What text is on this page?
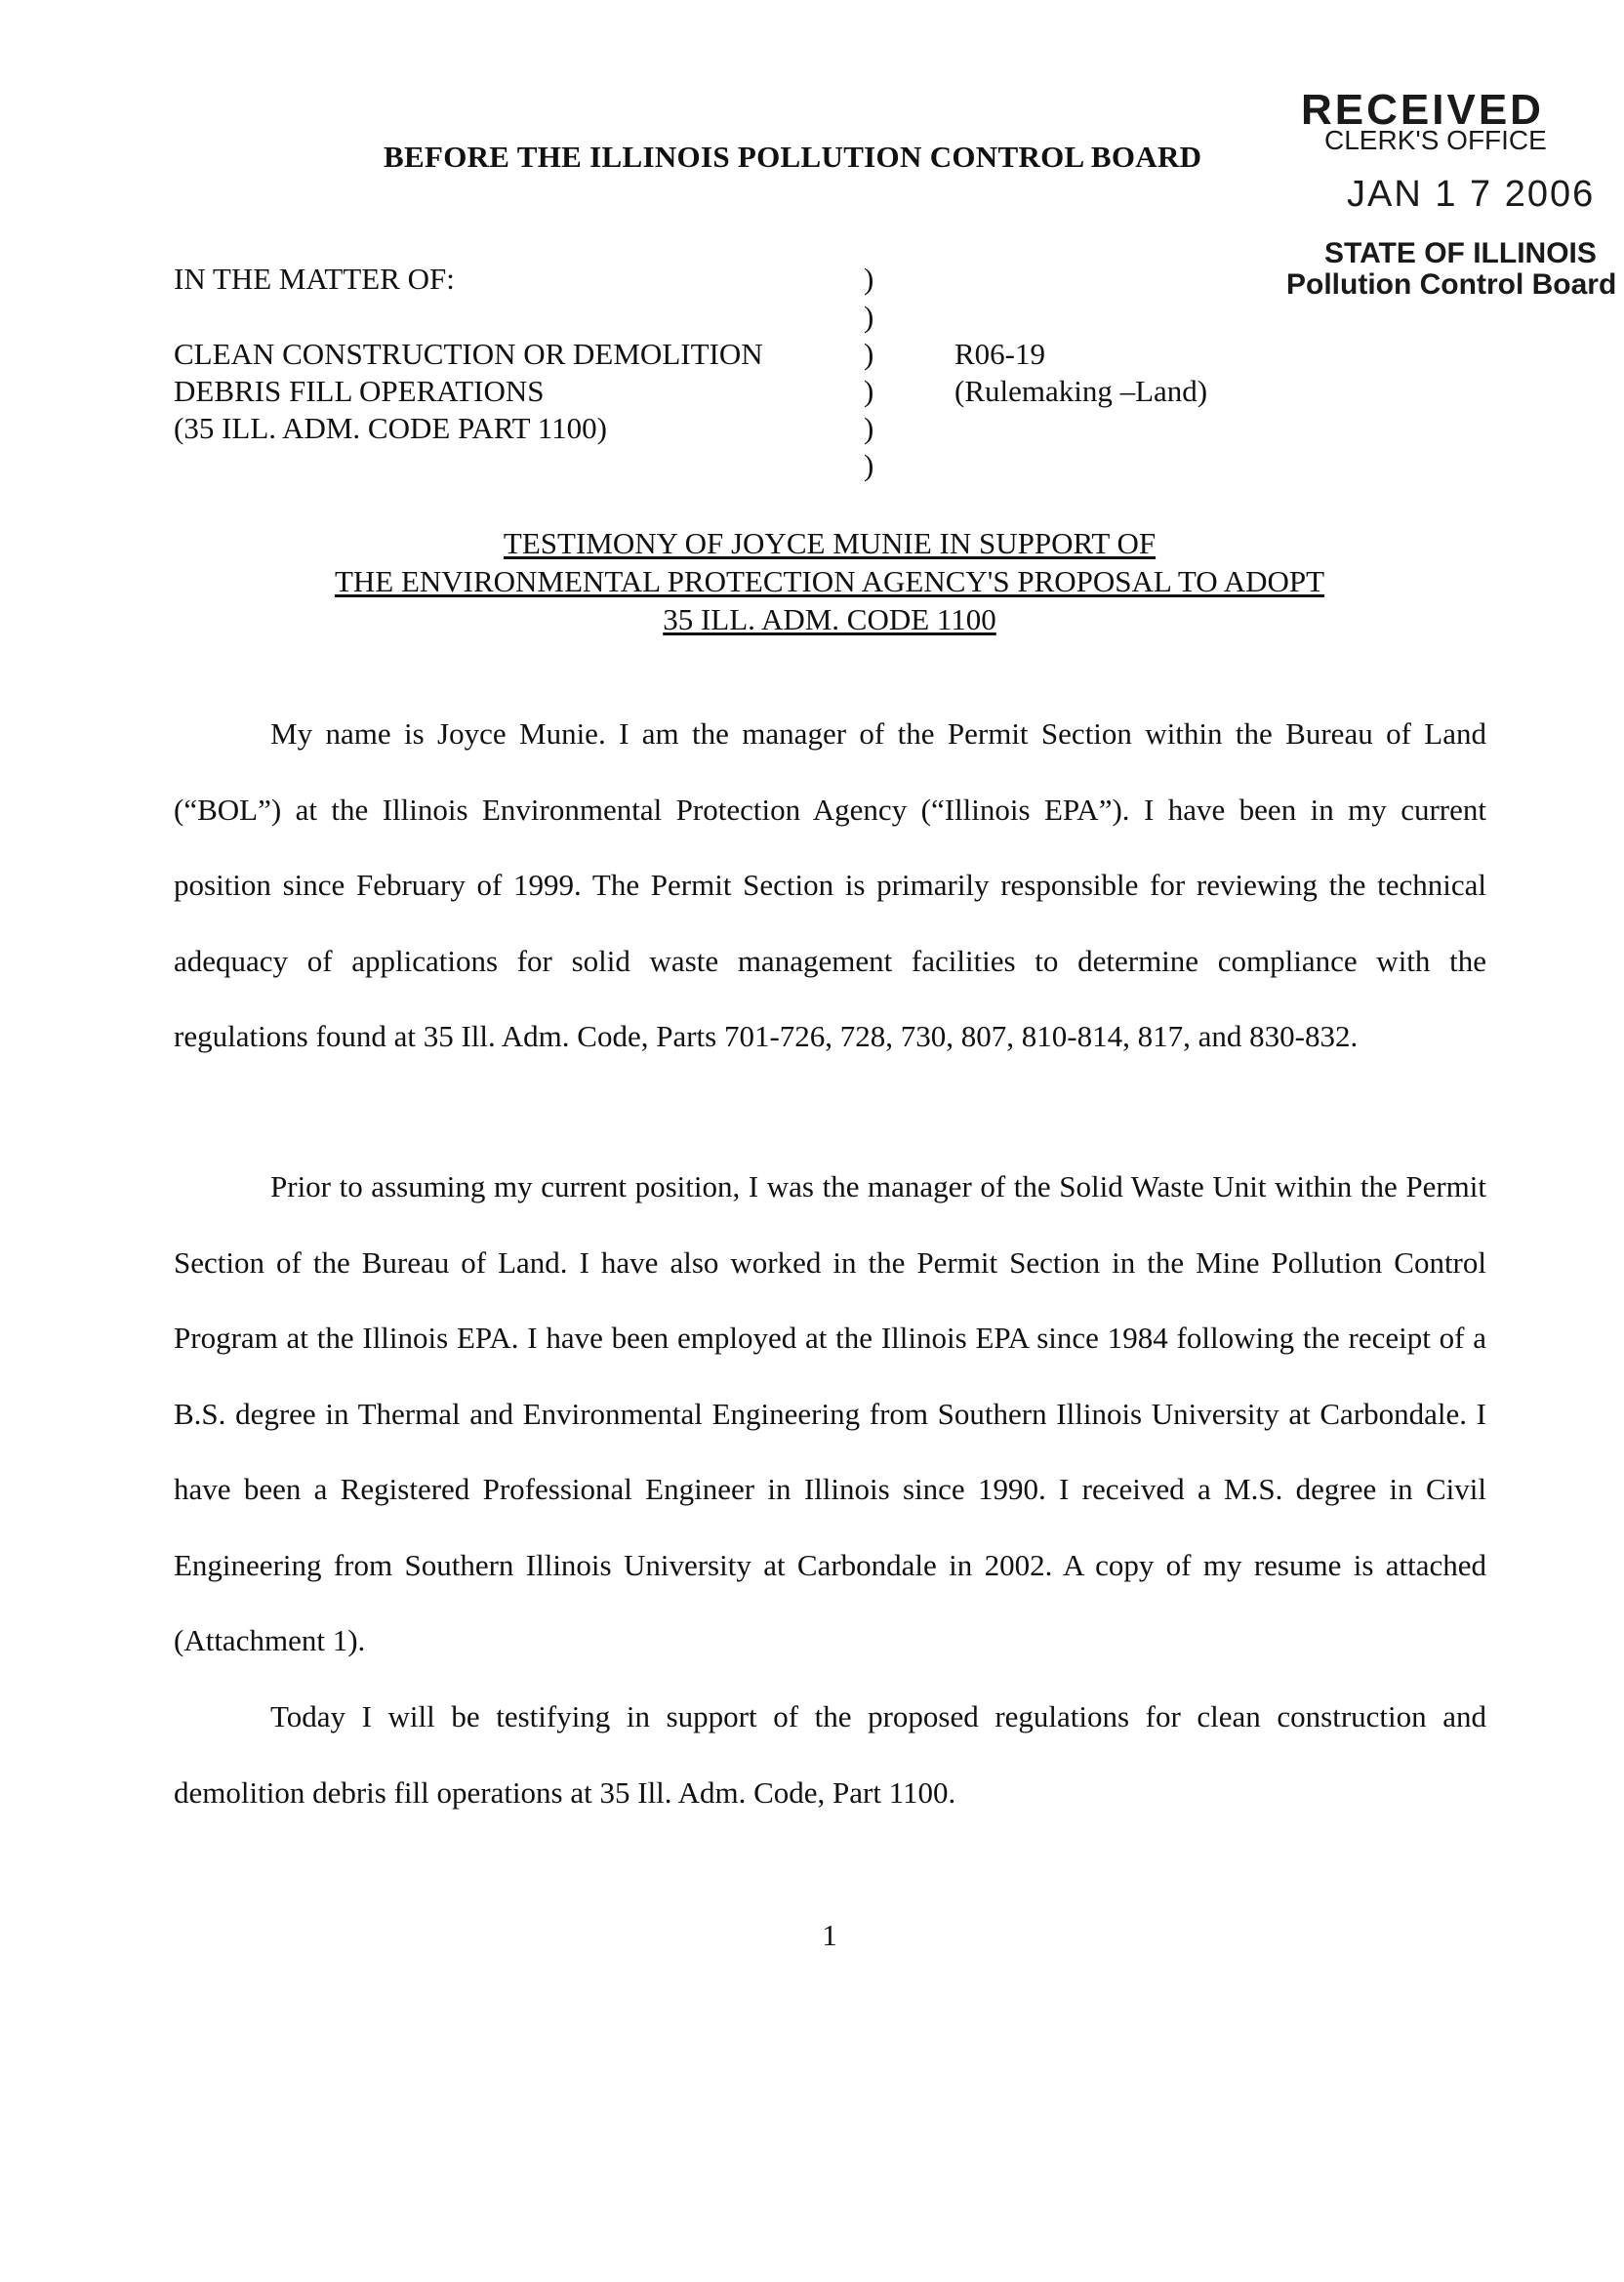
BEFORE THE ILLINOIS POLLUTION CONTROL BOARD
RECEIVED
CLERK'S OFFICE
JAN 1 7 2006
STATE OF ILLINOIS
Pollution Control Board
IN THE MATTER OF:
CLEAN CONSTRUCTION OR DEMOLITION
DEBRIS FILL OPERATIONS
(35 ILL. ADM. CODE PART 1100)
)
)
)
)
)
)
R06-19
(Rulemaking –Land)
TESTIMONY OF JOYCE MUNIE IN SUPPORT OF
THE ENVIRONMENTAL PROTECTION AGENCY'S PROPOSAL TO ADOPT
35 ILL. ADM. CODE 1100
My name is Joyce Munie. I am the manager of the Permit Section within the Bureau of Land (“BOL”) at the Illinois Environmental Protection Agency (“Illinois EPA”). I have been in my current position since February of 1999. The Permit Section is primarily responsible for reviewing the technical adequacy of applications for solid waste management facilities to determine compliance with the regulations found at 35 Ill. Adm. Code, Parts 701-726, 728, 730, 807, 810-814, 817, and 830-832.
Prior to assuming my current position, I was the manager of the Solid Waste Unit within the Permit Section of the Bureau of Land. I have also worked in the Permit Section in the Mine Pollution Control Program at the Illinois EPA. I have been employed at the Illinois EPA since 1984 following the receipt of a B.S. degree in Thermal and Environmental Engineering from Southern Illinois University at Carbondale. I have been a Registered Professional Engineer in Illinois since 1990. I received a M.S. degree in Civil Engineering from Southern Illinois University at Carbondale in 2002. A copy of my resume is attached (Attachment 1).
Today I will be testifying in support of the proposed regulations for clean construction and demolition debris fill operations at 35 Ill. Adm. Code, Part 1100.
1
